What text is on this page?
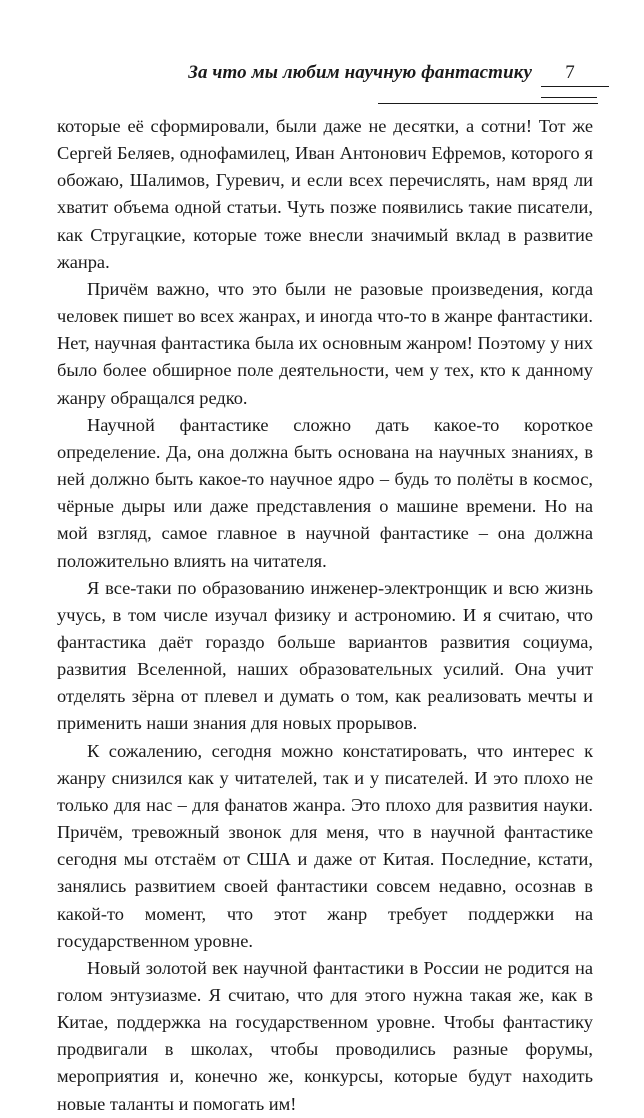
За что мы любим научную фантастику	7

которые её сформировали, были даже не десятки, а сотни! Тот же Сергей Беляев, однофамилец, Иван Антонович Ефремов, которого я обожаю, Шалимов, Гуревич, и если всех перечислять, нам вряд ли хватит объема одной статьи. Чуть позже появились такие писатели, как Стругацкие, которые тоже внесли значимый вклад в развитие жанра.

Причём важно, что это были не разовые произведения, когда человек пишет во всех жанрах, и иногда что-то в жанре фантастики. Нет, научная фантастика была их основным жанром! Поэтому у них было более обширное поле деятельности, чем у тех, кто к данному жанру обращался редко.

Научной фантастике сложно дать какое-то короткое определение. Да, она должна быть основана на научных знаниях, в ней должно быть какое-то научное ядро – будь то полёты в космос, чёрные дыры или даже представления о машине времени. Но на мой взгляд, самое главное в научной фантастике – она должна положительно влиять на читателя.

Я все-таки по образованию инженер-электронщик и всю жизнь учусь, в том числе изучал физику и астрономию. И я считаю, что фантастика даёт гораздо больше вариантов развития социума, развития Вселенной, наших образовательных усилий. Она учит отделять зёрна от плевел и думать о том, как реализовать мечты и применить наши знания для новых прорывов.

К сожалению, сегодня можно констатировать, что интерес к жанру снизился как у читателей, так и у писателей. И это плохо не только для нас – для фанатов жанра. Это плохо для развития науки. Причём, тревожный звонок для меня, что в научной фантастике сегодня мы отстаём от США и даже от Китая. Последние, кстати, занялись развитием своей фантастики совсем недавно, осознав в какой-то момент, что этот жанр требует поддержки на государственном уровне.

Новый золотой век научной фантастики в России не родится на голом энтузиазме. Я считаю, что для этого нужна такая же, как в Китае, поддержка на государственном уровне. Чтобы фантастику продвигали в школах, чтобы проводились разные форумы, мероприятия и, конечно же, конкурсы, которые будут находить новые таланты и помогать им!
